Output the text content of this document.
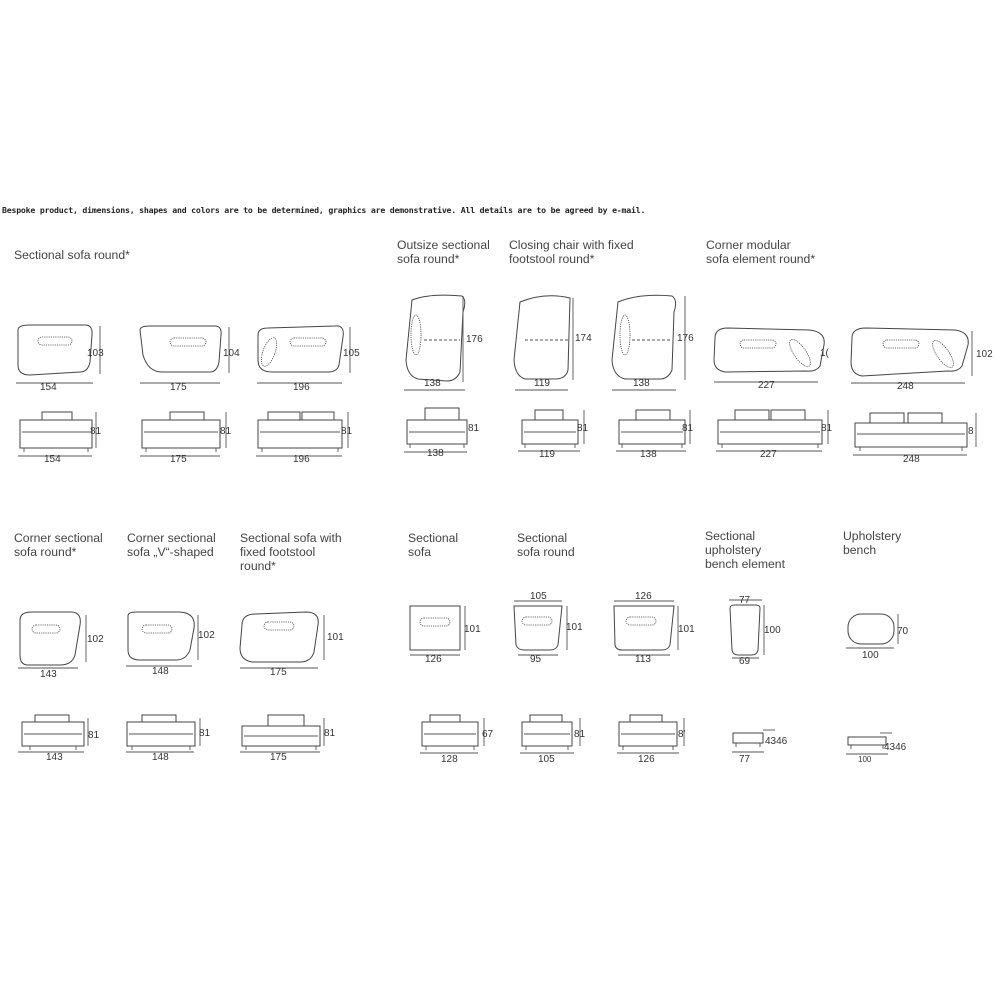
Bespoke product, dimensions, shapes and colors are to be determined, graphics are demonstrative. All details are to be agreed by e-mail.
Sectional sofa round*
Outsize sectional
sofa round*
Closing chair with fixed
footstool round*
Corner modular
sofa element round*
Corner sectional
sofa round*
Corner sectional
sofa „V“-shaped
Sectional sofa with
fixed footstool
round*
Sectional
sofa
Sectional
sofa round
Sectional
upholstery
bench element
Upholstery
bench
154
103
175
104
196
105
138
176
119
174
138
176
227
1(
248
102
154
81
175
81
196
81
138
81
119
81
138
81
227
81
248
8
143
102
148
102
175
101
126
101
105
95
101
126
113
101
77
69
100
100
70
143
81
148
81
175
81
128
67
105
81
126
8'
77
4346
100
4346
